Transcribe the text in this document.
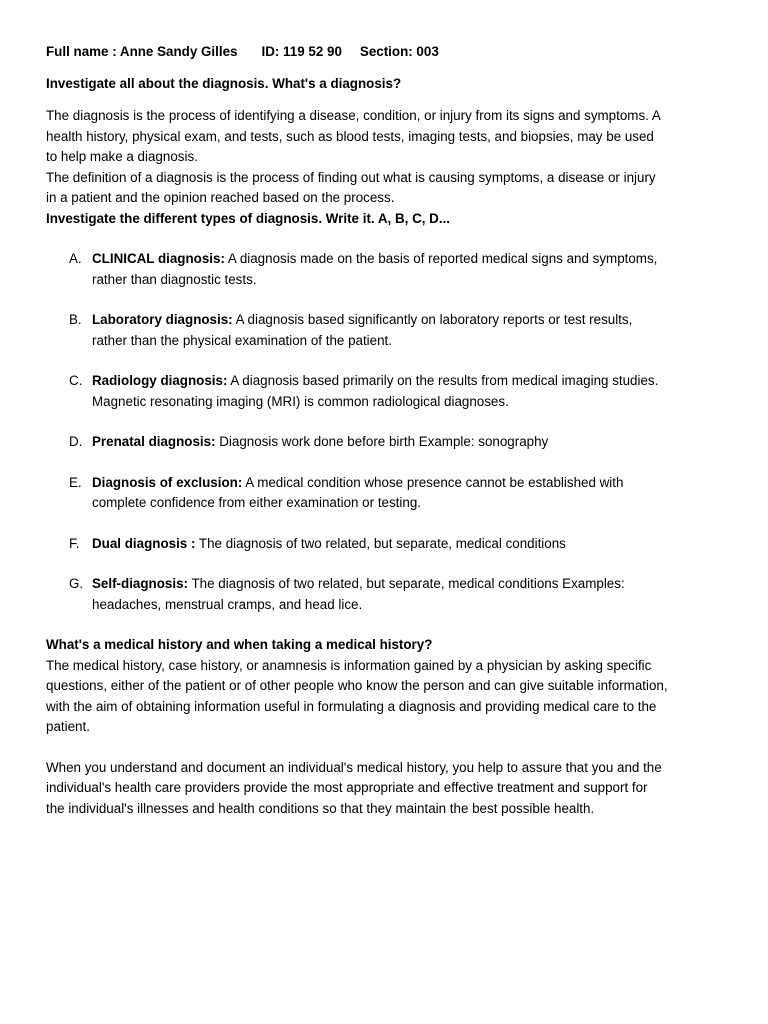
Full name : Anne Sandy Gilles ID: 119 52 90 Section: 003

Investigate all about the diagnosis. What's a diagnosis?

The diagnosis is the process of identifying a disease, condition, or injury from its signs and symptoms. A health history, physical exam, and tests, such as blood tests, imaging tests, and biopsies, may be used to help make a diagnosis.

The definition of a diagnosis is the process of finding out what is causing symptoms, a disease or injury in a patient and the opinion reached based on the process.

Investigate the different types of diagnosis. Write it. A, B, C, D...

A. CLINICAL diagnosis: A diagnosis made on the basis of reported medical signs and symptoms, rather than diagnostic tests.
B. Laboratory diagnosis: A diagnosis based significantly on laboratory reports or test results, rather than the physical examination of the patient.
C. Radiology diagnosis: A diagnosis based primarily on the results from medical imaging studies. Magnetic resonating imaging (MRI) is common radiological diagnoses.
D. Prenatal diagnosis: Diagnosis work done before birth Example: sonography
E. Diagnosis of exclusion: A medical condition whose presence cannot be established with complete confidence from either examination or testing.
F. Dual diagnosis : The diagnosis of two related, but separate, medical conditions
G. Self-diagnosis: The diagnosis of two related, but separate, medical conditions Examples: headaches, menstrual cramps, and head lice.

What's a medical history and when taking a medical history?

The medical history, case history, or anamnesis is information gained by a physician by asking specific questions, either of the patient or of other people who know the person and can give suitable information, with the aim of obtaining information useful in formulating a diagnosis and providing medical care to the patient.

When you understand and document an individual's medical history, you help to assure that you and the individual's health care providers provide the most appropriate and effective treatment and support for the individual's illnesses and health conditions so that they maintain the best possible health.
